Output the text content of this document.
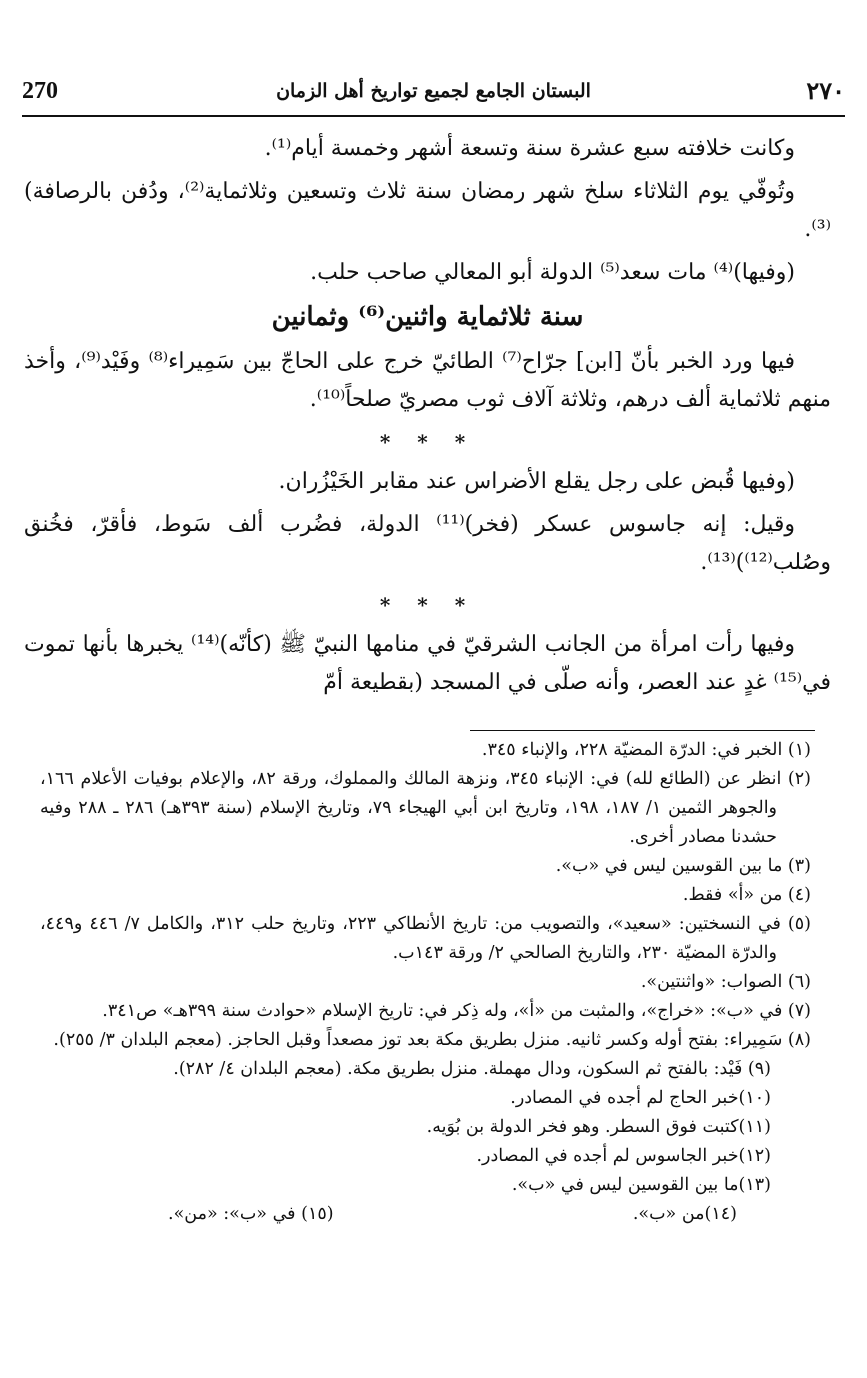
270	البستان الجامع لجميع تواريخ أهل الزمان	٢٧٠

وكانت خلافته سبع عشرة سنة وتسعة أشهر وخمسة أيام⁽¹⁾.

وتُوفّي يوم الثلاثاء سلخ شهر رمضان سنة ثلاث وتسعين وثلاثماية⁽²⁾، ودُفن بالرصافة)⁽³⁾.

(وفيها)⁽⁴⁾ مات سعد⁽⁵⁾ الدولة أبو المعالي صاحب حلب.

سنة ثلاثماية واثنين⁽⁶⁾ وثمانين

فيها ورد الخبر بأنّ [ابن] جرّاح⁽⁷⁾ الطائيّ خرج على الحاجّ بين سَمِيراء⁽⁸⁾ وفَيْد⁽⁹⁾، وأخذ منهم ثلاثماية ألف درهم، وثلاثة آلاف ثوب مصريّ صلحاً⁽¹⁰⁾.

* * *

(وفيها قُبض على رجل يقلع الأضراس عند مقابر الخَيْزُران.

وقيل: إنه جاسوس عسكر (فخر)⁽¹¹⁾ الدولة، فضُرب ألف سَوط، فأقرّ، فخُنق وصُلب⁽¹²⁾)⁽¹³⁾.

* * *

وفيها رأت امرأة من الجانب الشرقيّ في منامها النبيّ ﷺ (كأنّه)⁽¹⁴⁾ يخبرها بأنها تموت في⁽¹⁵⁾ غدٍ عند العصر، وأنه صلّى في المسجد (بقطيعة أمّ

(١) الخبر في: الدرّة المضيّة ٢٢٨، والإنباء ٣٤٥.

(٢) انظر عن (الطائع لله) في: الإنباء ٣٤٥، ونزهة المالك والمملوك، ورقة ٨٢، والإعلام بوفيات الأعلام ١٦٦، والجوهر الثمين ١/ ١٨٧، ١٩٨، وتاريخ ابن أبي الهيجاء ٧٩، وتاريخ الإسلام (سنة ٣٩٣هـ) ٢٨٦ ـ ٢٨٨ وفيه حشدنا مصادر أخرى.

(٣) ما بين القوسين ليس في «ب».

(٤) من «أ» فقط.

(٥) في النسختين: «سعيد»، والتصويب من: تاريخ الأنطاكي ٢٢٣، وتاريخ حلب ٣١٢، والكامل ٧/ ٤٤٦ و٤٤٩، والدرّة المضيّة ٢٣٠، والتاريخ الصالحي ٢/ ورقة ١٤٣ب.

(٦) الصواب: «واثنتين».

(٧) في «ب»: «خراج»، والمثبت من «أ»، وله ذِكر في: تاريخ الإسلام «حوادث سنة ٣٩٩هـ» ص٣٤١.

(٨) سَمِيراء: بفتح أوله وكسر ثانيه. منزل بطريق مكة بعد توز مصعداً وقبل الحاجز. (معجم البلدان ٣/ ٢٥٥).

(٩) فَيْد: بالفتح ثم السكون، ودال مهملة. منزل بطريق مكة. (معجم البلدان ٤/ ٢٨٢).

(١٠)خبر الحاج لم أجده في المصادر.

(١١)كتبت فوق السطر. وهو فخر الدولة بن بُوَيه.

(١٢)خبر الجاسوس لم أجده في المصادر.

(١٣)ما بين القوسين ليس في «ب».

(١٤)من «ب».
(١٥) في «ب»: «من».
